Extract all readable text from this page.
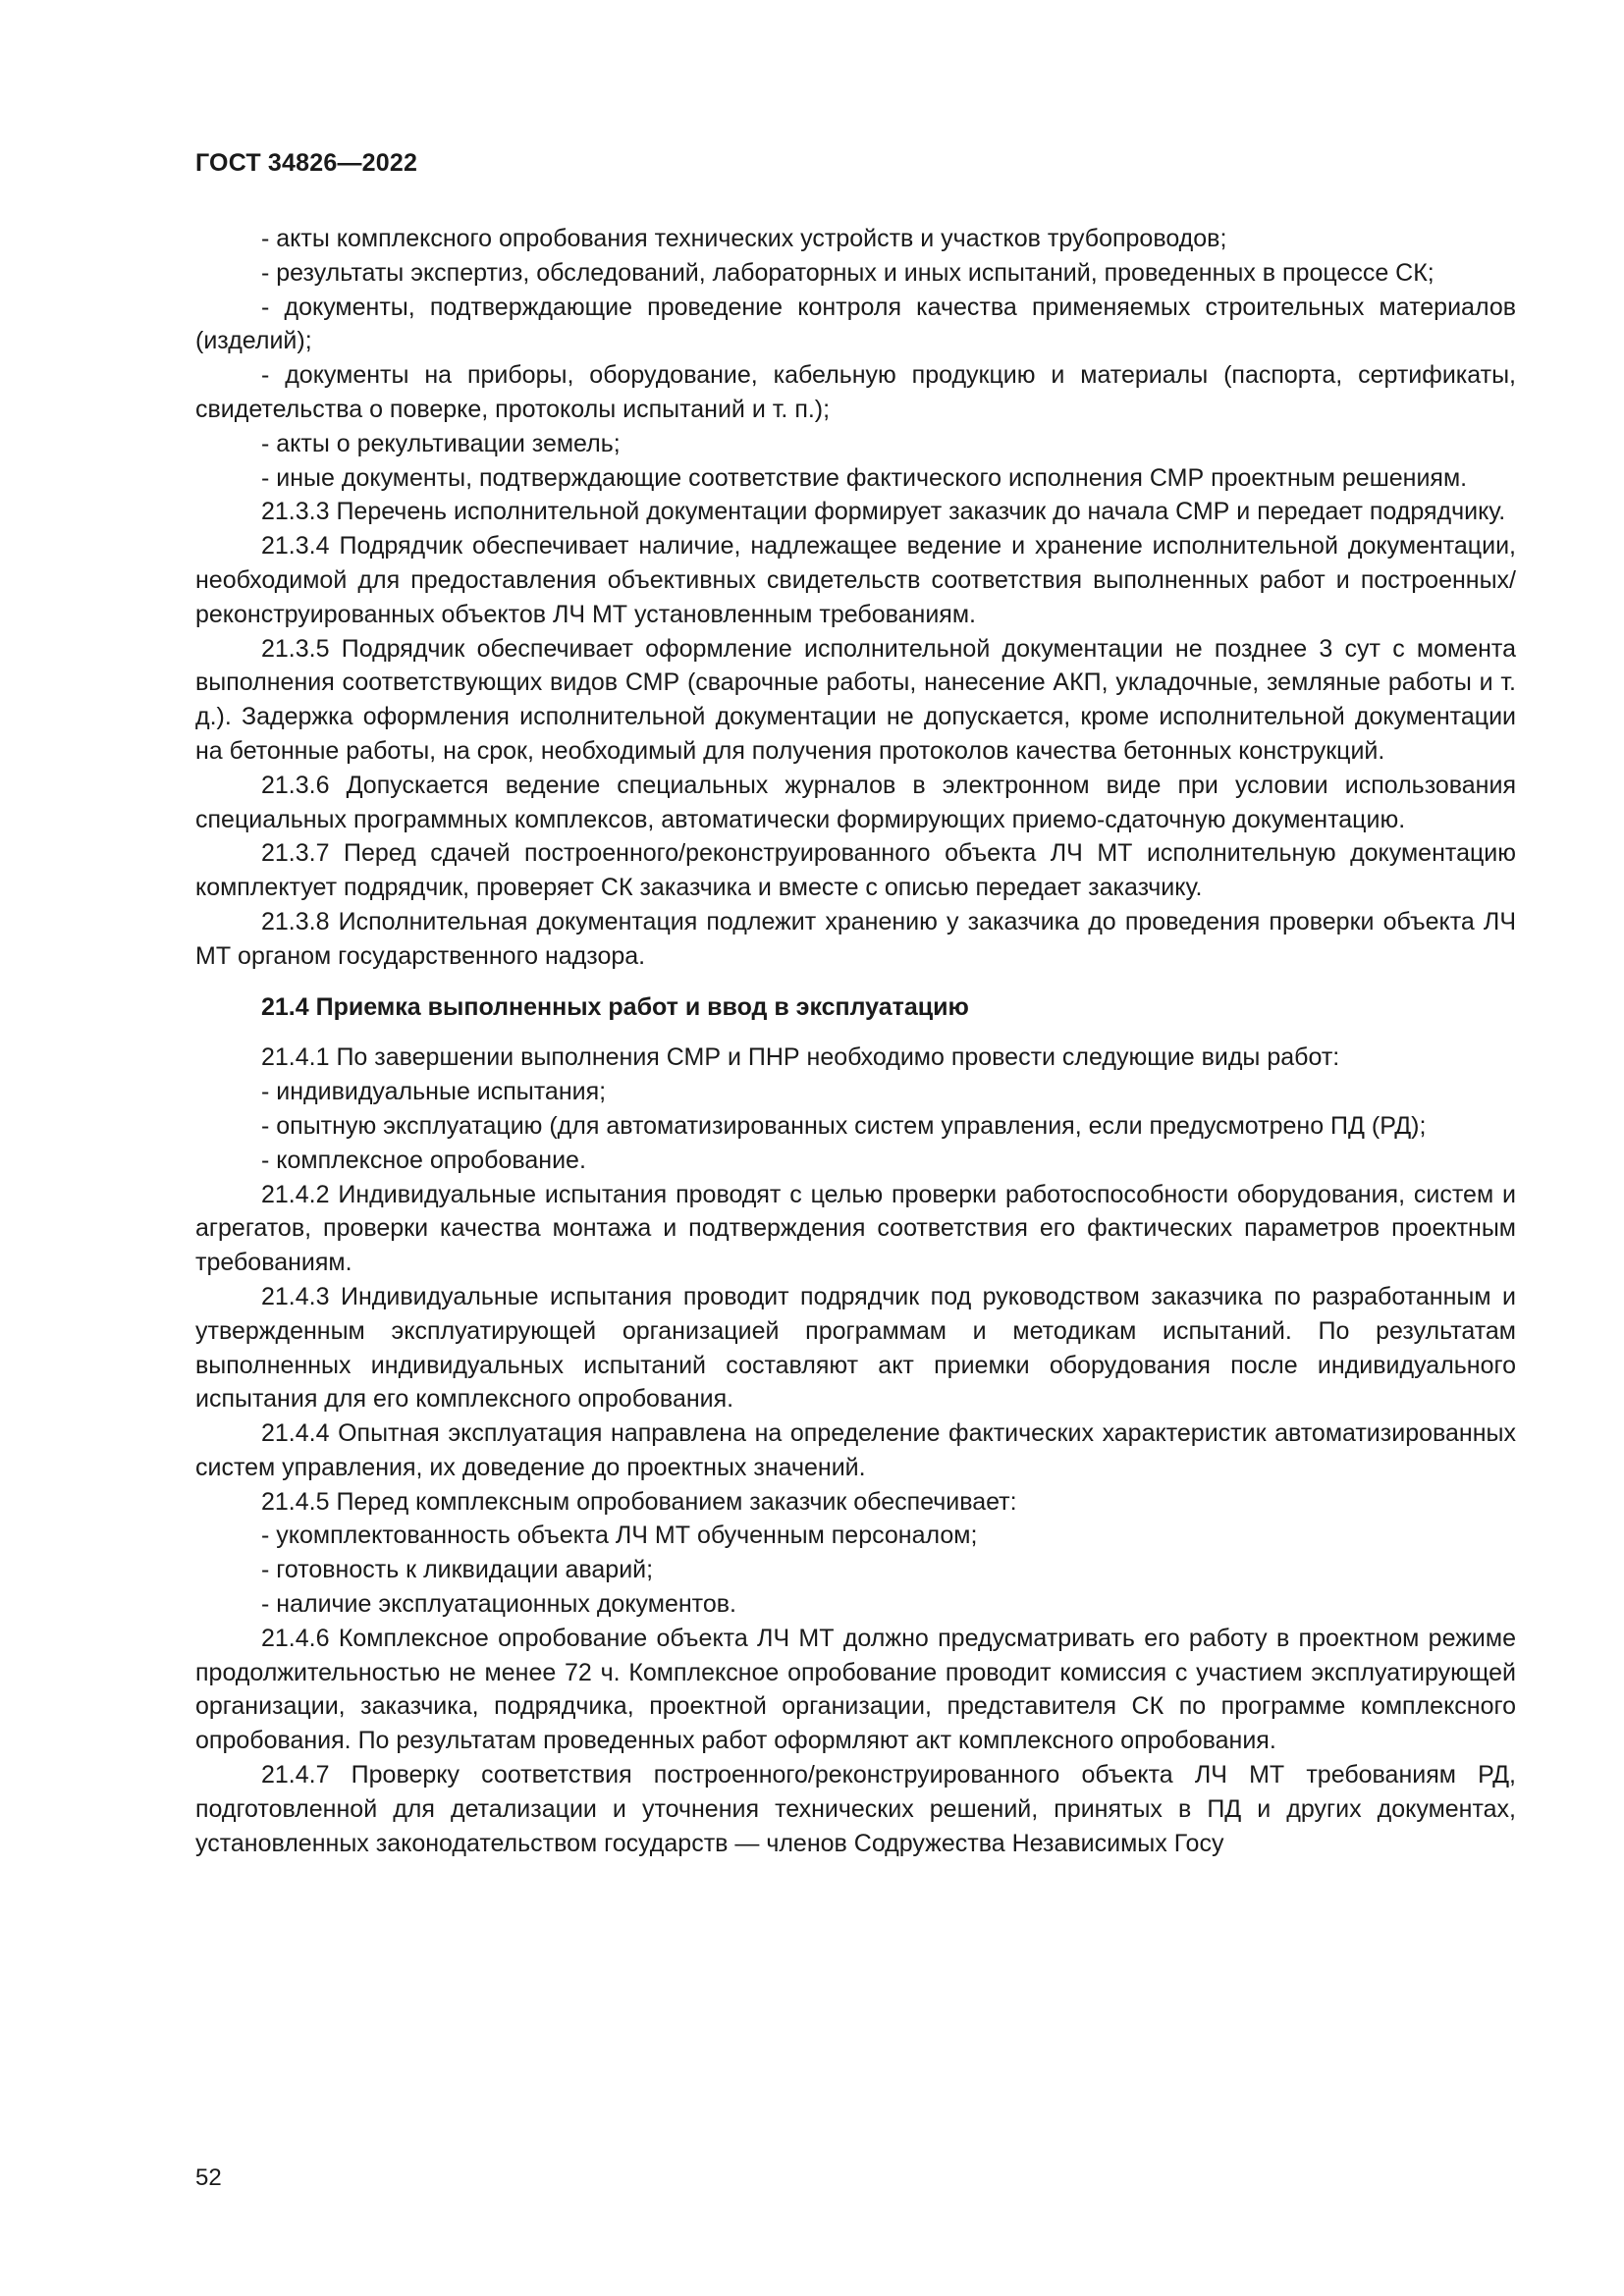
ГОСТ 34826—2022

- акты комплексного опробования технических устройств и участков трубопроводов;

- результаты экспертиз, обследований, лабораторных и иных испытаний, проведенных в процессе СК;

- документы, подтверждающие проведение контроля качества применяемых строительных материалов (изделий);

- документы на приборы, оборудование, кабельную продукцию и материалы (паспорта, сертификаты, свидетельства о поверке, протоколы испытаний и т. п.);

- акты о рекультивации земель;

- иные документы, подтверждающие соответствие фактического исполнения СМР проектным решениям.

21.3.3 Перечень исполнительной документации формирует заказчик до начала СМР и передает подрядчику.

21.3.4 Подрядчик обеспечивает наличие, надлежащее ведение и хранение исполнительной документации, необходимой для предоставления объективных свидетельств соответствия выполненных работ и построенных/реконструированных объектов ЛЧ МТ установленным требованиям.

21.3.5 Подрядчик обеспечивает оформление исполнительной документации не позднее 3 сут с момента выполнения соответствующих видов СМР (сварочные работы, нанесение АКП, укладочные, земляные работы и т. д.). Задержка оформления исполнительной документации не допускается, кроме исполнительной документации на бетонные работы, на срок, необходимый для получения протоколов качества бетонных конструкций.

21.3.6 Допускается ведение специальных журналов в электронном виде при условии использования специальных программных комплексов, автоматически формирующих приемо-сдаточную документацию.

21.3.7 Перед сдачей построенного/реконструированного объекта ЛЧ МТ исполнительную документацию комплектует подрядчик, проверяет СК заказчика и вместе с описью передает заказчику.

21.3.8 Исполнительная документация подлежит хранению у заказчика до проведения проверки объекта ЛЧ МТ органом государственного надзора.

21.4 Приемка выполненных работ и ввод в эксплуатацию

21.4.1 По завершении выполнения СМР и ПНР необходимо провести следующие виды работ:

- индивидуальные испытания;

- опытную эксплуатацию (для автоматизированных систем управления, если предусмотрено ПД (РД);

- комплексное опробование.

21.4.2 Индивидуальные испытания проводят с целью проверки работоспособности оборудования, систем и агрегатов, проверки качества монтажа и подтверждения соответствия его фактических параметров проектным требованиям.

21.4.3 Индивидуальные испытания проводит подрядчик под руководством заказчика по разработанным и утвержденным эксплуатирующей организацией программам и методикам испытаний. По результатам выполненных индивидуальных испытаний составляют акт приемки оборудования после индивидуального испытания для его комплексного опробования.

21.4.4 Опытная эксплуатация направлена на определение фактических характеристик автоматизированных систем управления, их доведение до проектных значений.

21.4.5 Перед комплексным опробованием заказчик обеспечивает:

- укомплектованность объекта ЛЧ МТ обученным персоналом;

- готовность к ликвидации аварий;

- наличие эксплуатационных документов.

21.4.6 Комплексное опробование объекта ЛЧ МТ должно предусматривать его работу в проектном режиме продолжительностью не менее 72 ч. Комплексное опробование проводит комиссия с участием эксплуатирующей организации, заказчика, подрядчика, проектной организации, представителя СК по программе комплексного опробования. По результатам проведенных работ оформляют акт комплексного опробования.

21.4.7 Проверку соответствия построенного/реконструированного объекта ЛЧ МТ требованиям РД, подготовленной для детализации и уточнения технических решений, принятых в ПД и других документах, установленных законодательством государств — членов Содружества Независимых Госу

52
